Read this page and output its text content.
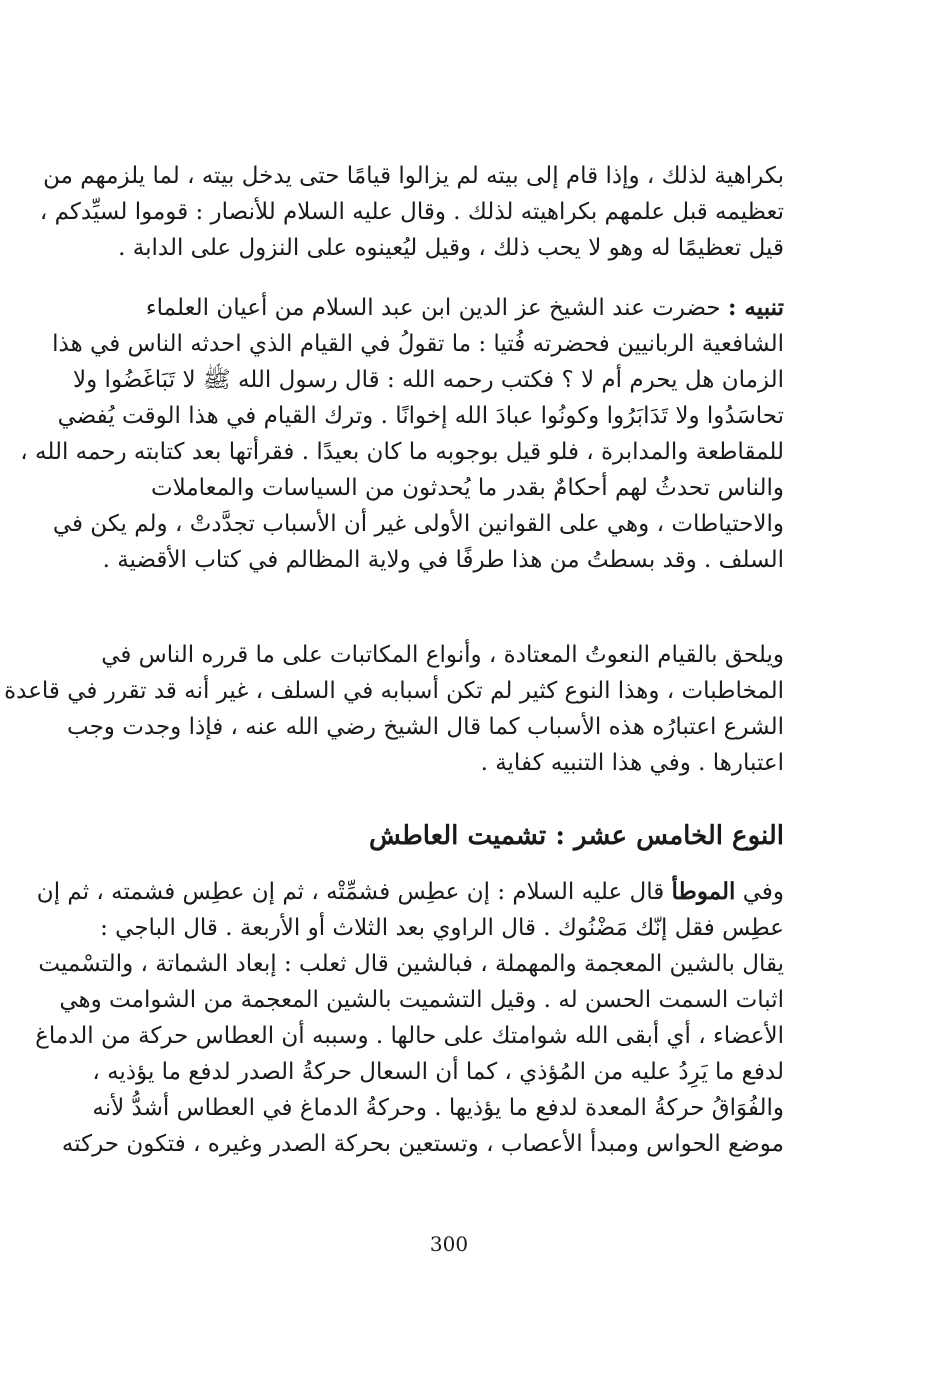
بكراهية لذلك ، وإذا قام إلى بيته لم يزالوا قيامًا حتى يدخل بيته ، لما يلزمهم من
تعظيمه قبل علمهم بكراهيته لذلك . وقال عليه السلام للأنصار : قوموا لسيِّدكم ،
قيل تعظيمًا له وهو لا يحب ذلك ، وقيل ليُعينوه على النزول على الدابة .
تنبيه : حضرت عند الشيخ عز الدين ابن عبد السلام من أعيان العلماء
الشافعية الربانيين فحضرته فُتيا : ما تقولُ في القيام الذي احدثه الناس في هذا
الزمان هل يحرم أم لا ؟ فكتب رحمه الله : قال رسول الله ﷺ لا تَبَاغَضُوا ولا
تحاسَدُوا ولا تَدَابَرُوا وكونُوا عبادَ الله إخوانًا . وترك القيام في هذا الوقت يُفضي
للمقاطعة والمدابرة ، فلو قيل بوجوبه ما كان بعيدًا . فقرأتها بعد كتابته رحمه الله ،
والناس تحدثُ لهم أحكامٌ بقدر ما يُحدثون من السياسات والمعاملات
والاحتياطات ، وهي على القوانين الأولى غير أن الأسباب تجدَّدتْ ، ولم يكن في
السلف . وقد بسطتُ من هذا طرفًا في ولاية المظالم في كتاب الأقضية .
ويلحق بالقيام النعوتُ المعتادة ، وأنواع المكاتبات على ما قرره الناس في
المخاطبات ، وهذا النوع كثير لم تكن أسبابه في السلف ، غير أنه قد تقرر في قاعدة
الشرع اعتبارُه هذه الأسباب كما قال الشيخ رضي الله عنه ، فإذا وجدت وجب
اعتبارها . وفي هذا التنبيه كفاية .
النوع الخامس عشر : تشميت العاطش
وفي الموطأ قال عليه السلام : إن عطِس فشمِّتْه ، ثم إن عطِس فشمته ، ثم إن
عطِس فقل إنّك مَضْنُوك . قال الراوي بعد الثلاث أو الأربعة . قال الباجي :
يقال بالشين المعجمة والمهملة ، فبالشين قال ثعلب : إبعاد الشماتة ، والتسْميت
اثبات السمت الحسن له . وقيل التشميت بالشين المعجمة من الشوامت وهي
الأعضاء ، أي أبقى الله شوامتك على حالها . وسببه أن العطاس حركة من الدماغ
لدفع ما يَرِدُ عليه من المُؤذي ، كما أن السعال حركةُ الصدر لدفع ما يؤذيه ،
والفُوَاقُ حركةُ المعدة لدفع ما يؤذيها . وحركةُ الدماغ في العطاس أشدُّ لأنه
موضع الحواس ومبدأ الأعصاب ، وتستعين بحركة الصدر وغيره ، فتكون حركته
300
